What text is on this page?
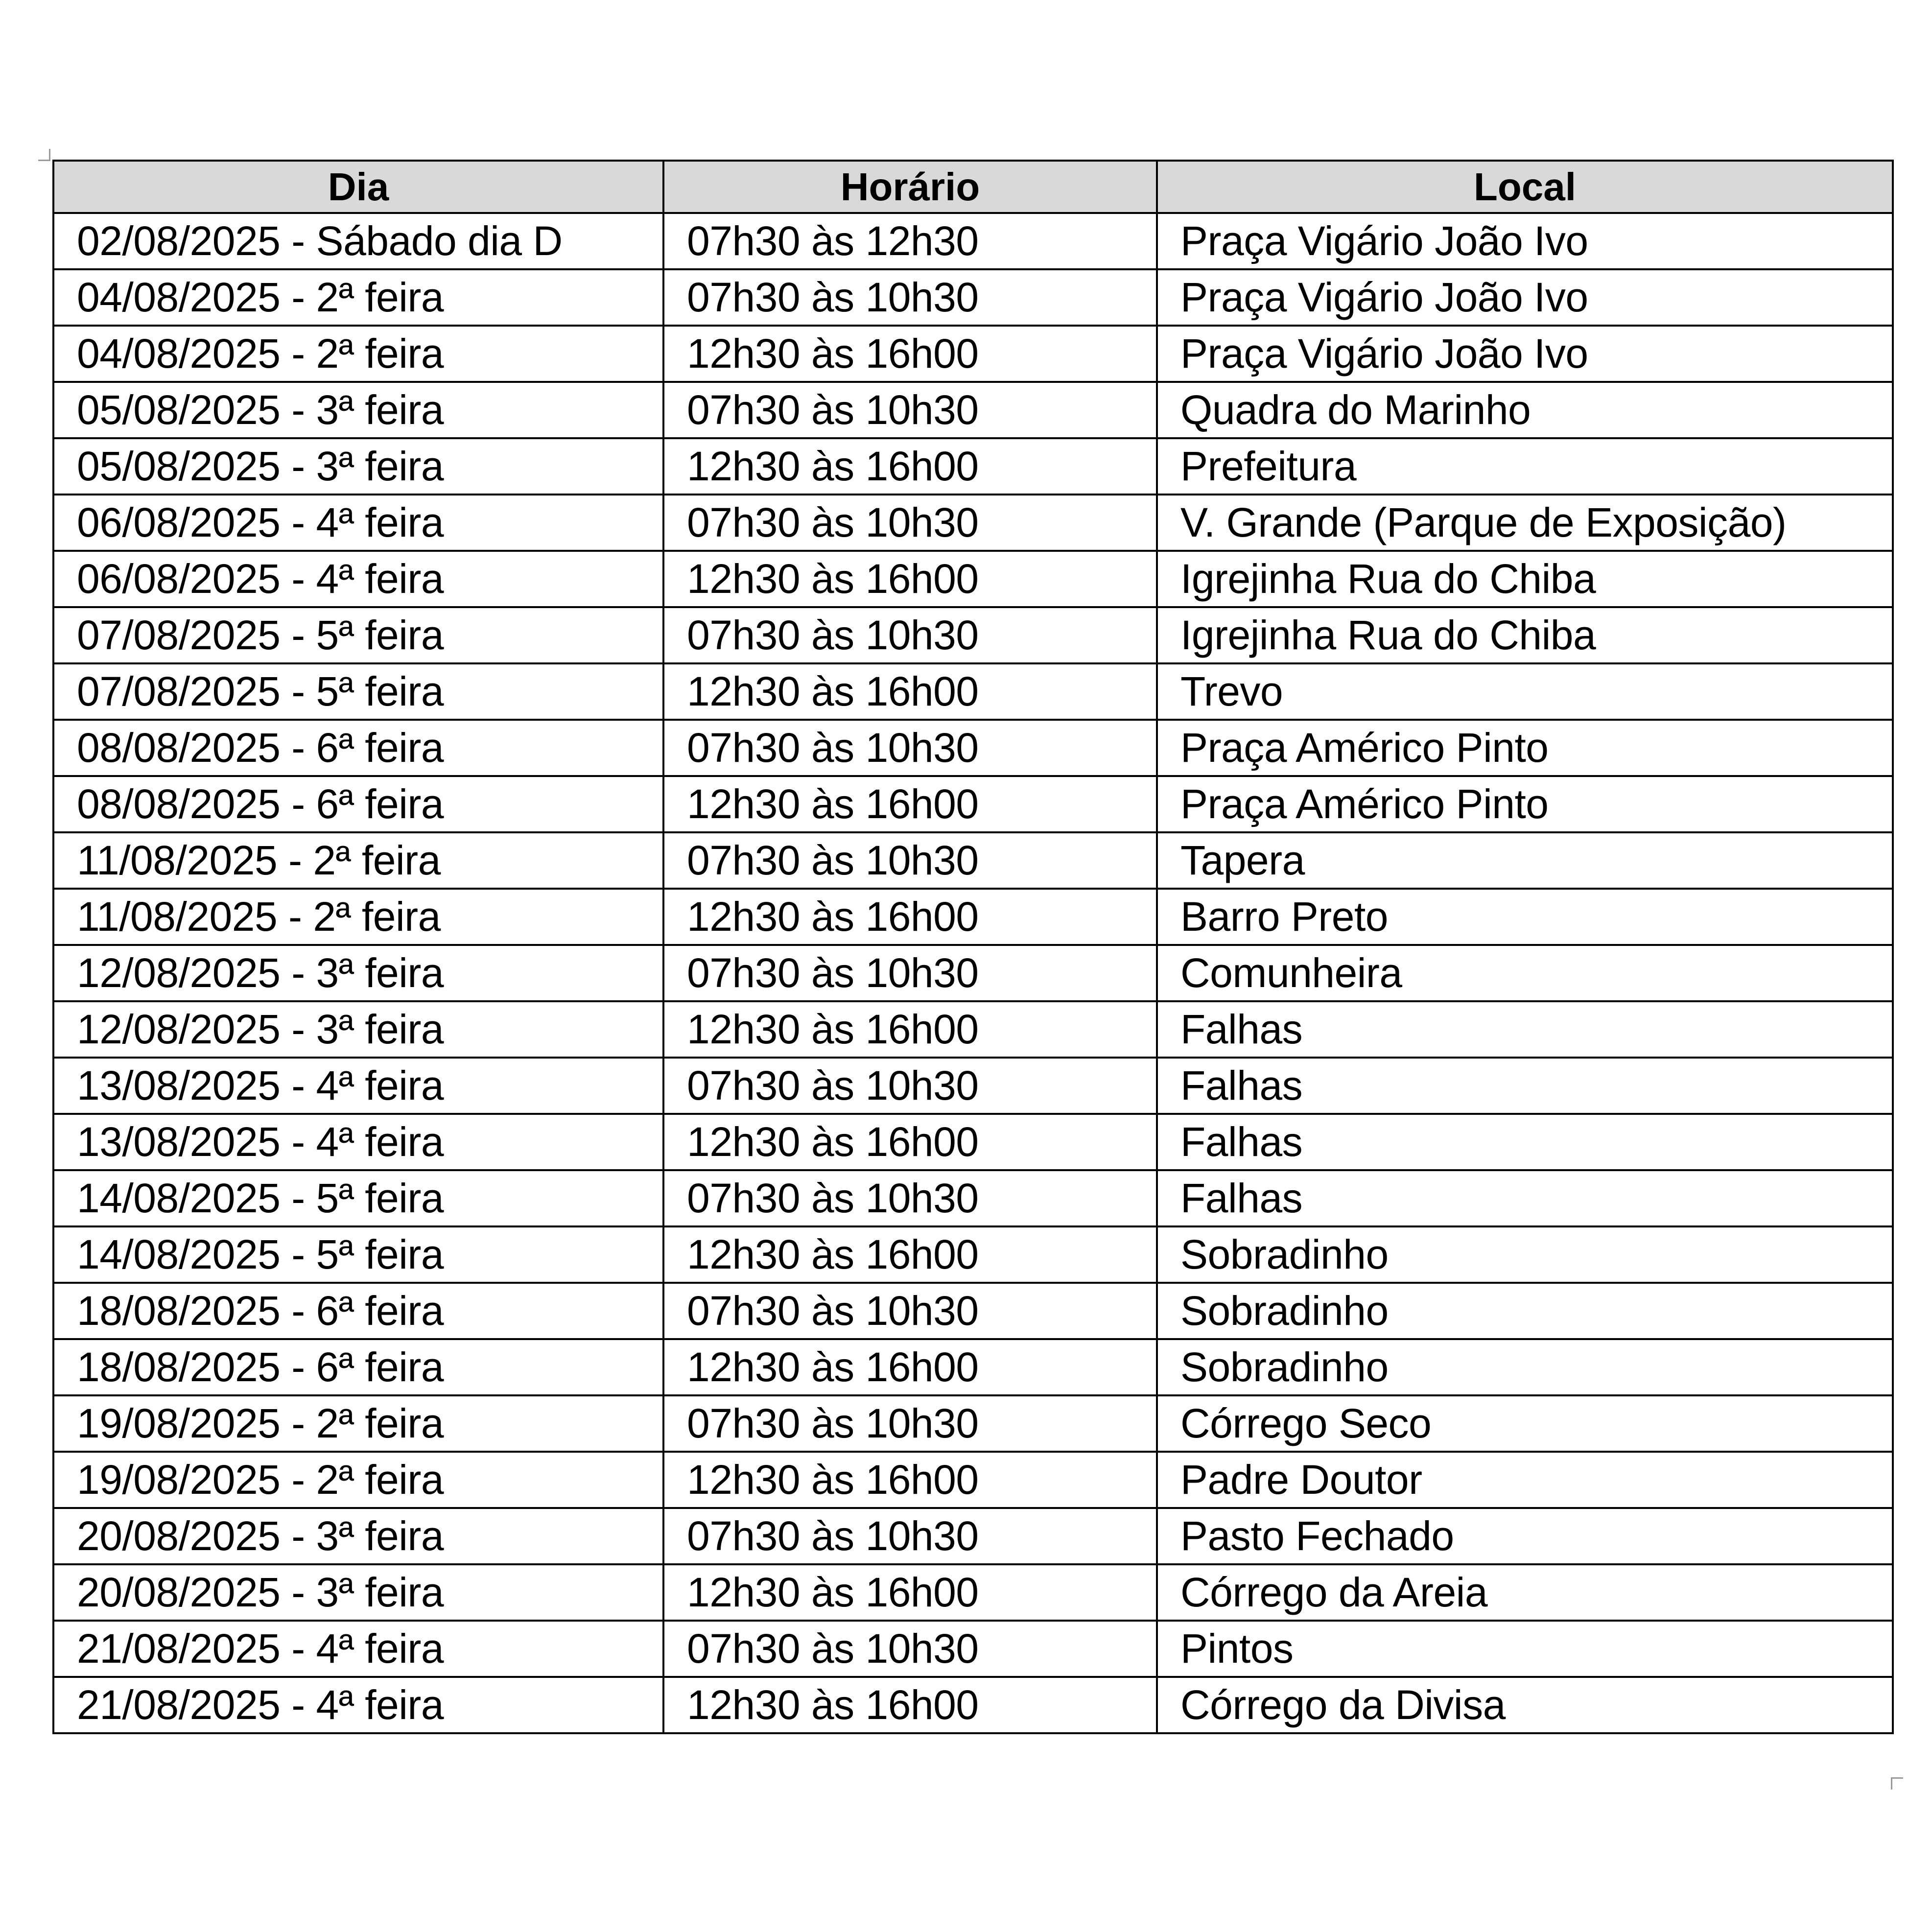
Dia	Horário	Local
02/08/2025 - Sábado dia D	07h30 às 12h30	Praça Vigário João Ivo
04/08/2025 - 2ª feira	07h30 às 10h30	Praça Vigário João Ivo
04/08/2025 - 2ª feira	12h30 às 16h00	Praça Vigário João Ivo
05/08/2025 - 3ª feira	07h30 às 10h30	Quadra do Marinho
05/08/2025 - 3ª feira	12h30 às 16h00	Prefeitura
06/08/2025 - 4ª feira	07h30 às 10h30	V. Grande (Parque de Exposição)
06/08/2025 - 4ª feira	12h30 às 16h00	Igrejinha Rua do Chiba
07/08/2025 - 5ª feira	07h30 às 10h30	Igrejinha Rua do Chiba
07/08/2025 - 5ª feira	12h30 às 16h00	Trevo
08/08/2025 - 6ª feira	07h30 às 10h30	Praça Américo Pinto
08/08/2025 - 6ª feira	12h30 às 16h00	Praça Américo Pinto
11/08/2025 - 2ª feira	07h30 às 10h30	Tapera
11/08/2025 - 2ª feira	12h30 às 16h00	Barro Preto
12/08/2025 - 3ª feira	07h30 às 10h30	Comunheira
12/08/2025 - 3ª feira	12h30 às 16h00	Falhas
13/08/2025 - 4ª feira	07h30 às 10h30	Falhas
13/08/2025 - 4ª feira	12h30 às 16h00	Falhas
14/08/2025 - 5ª feira	07h30 às 10h30	Falhas
14/08/2025 - 5ª feira	12h30 às 16h00	Sobradinho
18/08/2025 - 6ª feira	07h30 às 10h30	Sobradinho
18/08/2025 - 6ª feira	12h30 às 16h00	Sobradinho
19/08/2025 - 2ª feira	07h30 às 10h30	Córrego Seco
19/08/2025 - 2ª feira	12h30 às 16h00	Padre Doutor
20/08/2025 - 3ª feira	07h30 às 10h30	Pasto Fechado
20/08/2025 - 3ª feira	12h30 às 16h00	Córrego da Areia
21/08/2025 - 4ª feira	07h30 às 10h30	Pintos
21/08/2025 - 4ª feira	12h30 às 16h00	Córrego da Divisa
